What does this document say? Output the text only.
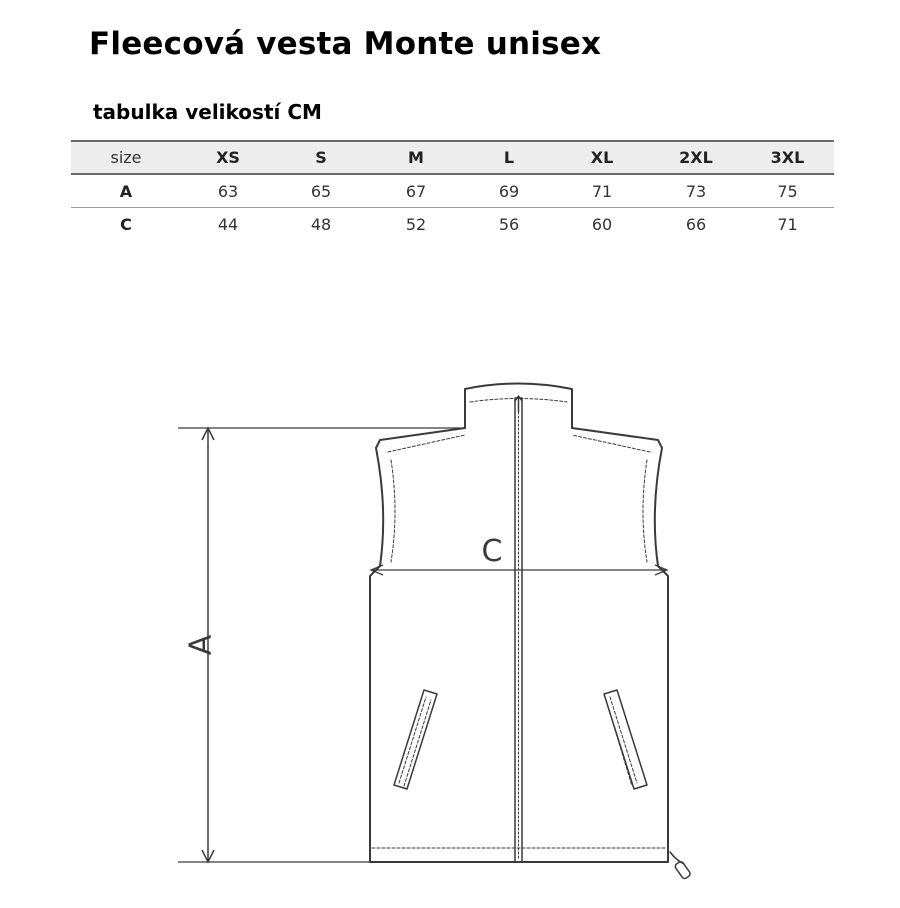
Fleecová vesta Monte unisex
tabulka velikostí CM
size	XS	S	M	L	XL	2XL	3XL
A	63	65	67	69	71	73	75
C	44	48	52	56	60	66	71
A
C
